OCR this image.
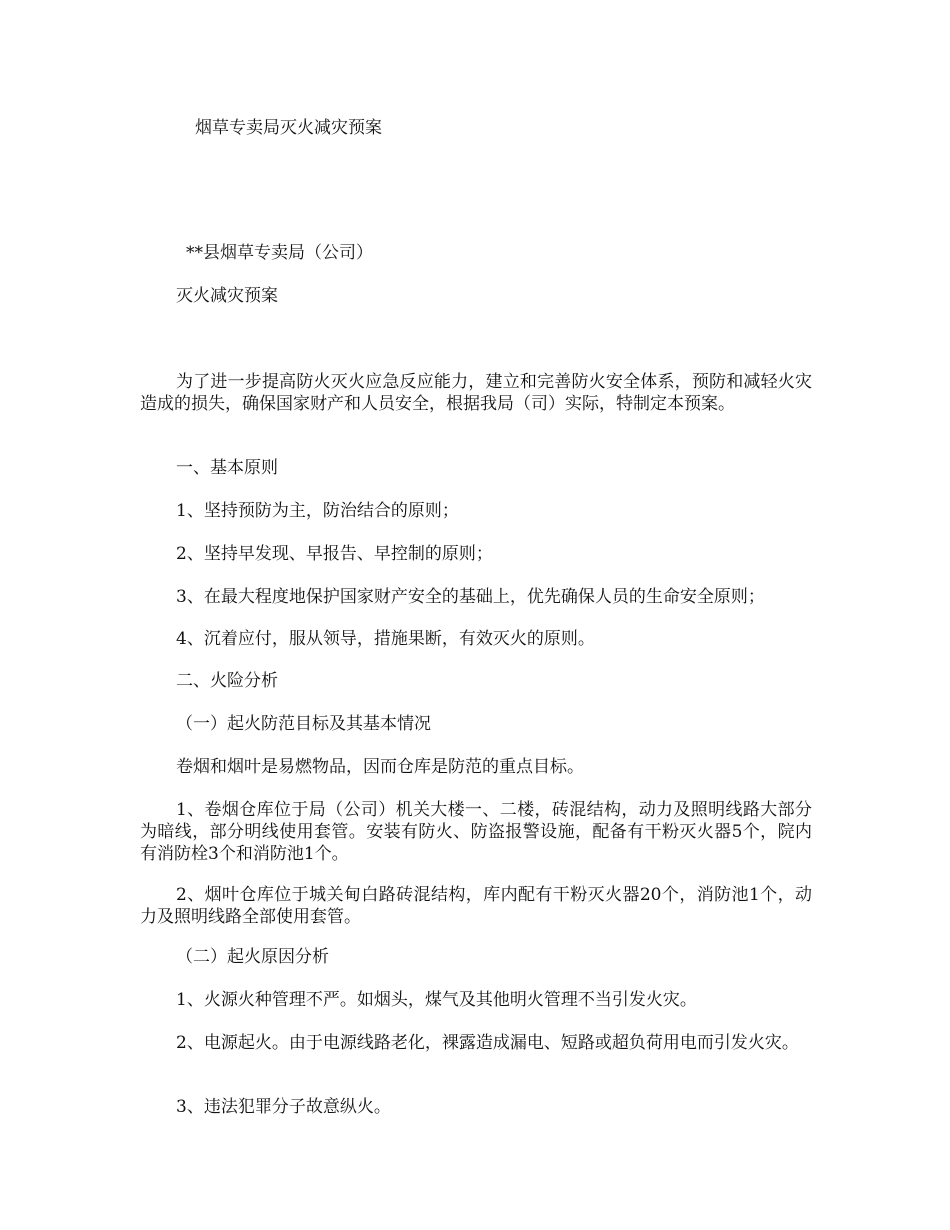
烟草专卖局灭火减灾预案

**县烟草专卖局（公司）

灭火减灾预案

为了进一步提高防火灭火应急反应能力，建立和完善防火安全体系，预防和减轻火灾造成的损失，确保国家财产和人员安全，根据我局（司）实际，特制定本预案。

一、基本原则

1、坚持预防为主，防治结合的原则；

2、坚持早发现、早报告、早控制的原则；

3、在最大程度地保护国家财产安全的基础上，优先确保人员的生命安全原则；

4、沉着应付，服从领导，措施果断，有效灭火的原则。

二、火险分析

（一）起火防范目标及其基本情况

卷烟和烟叶是易燃物品，因而仓库是防范的重点目标。

1、卷烟仓库位于局（公司）机关大楼一、二楼，砖混结构，动力及照明线路大部分为暗线，部分明线使用套管。安装有防火、防盗报警设施，配备有干粉灭火器5个，院内有消防栓3个和消防池1个。

2、烟叶仓库位于城关甸白路砖混结构，库内配有干粉灭火器20个，消防池1个，动力及照明线路全部使用套管。

（二）起火原因分析

1、火源火种管理不严。如烟头，煤气及其他明火管理不当引发火灾。

2、电源起火。由于电源线路老化，裸露造成漏电、短路或超负荷用电而引发火灾。

3、违法犯罪分子故意纵火。
